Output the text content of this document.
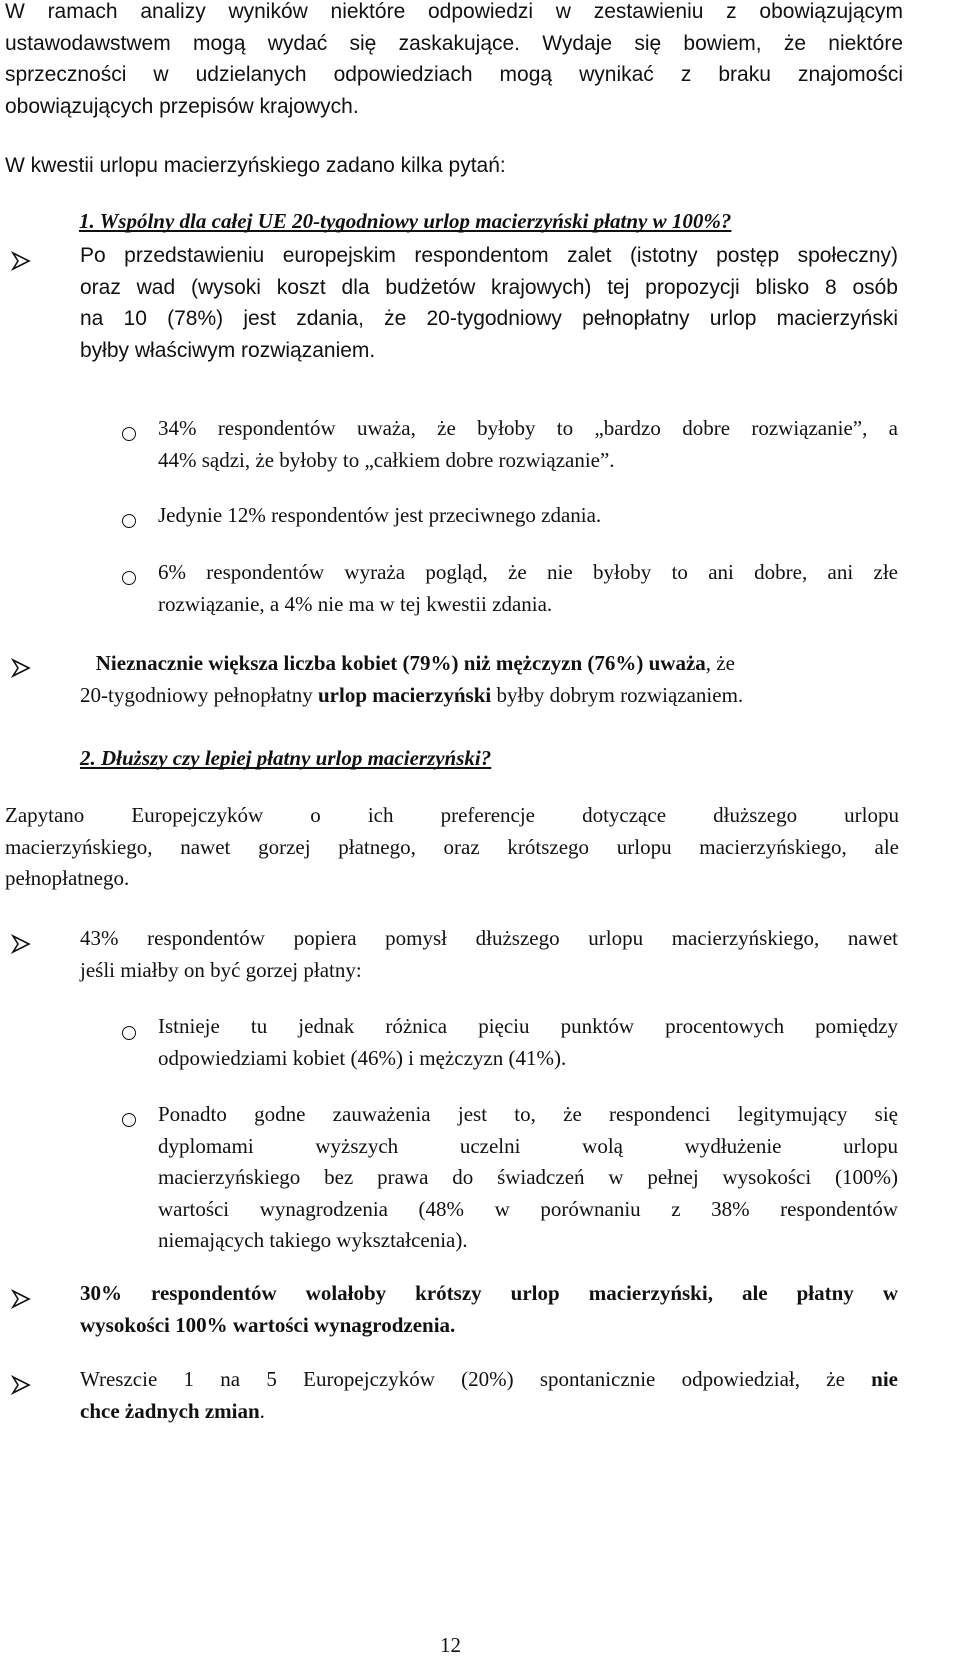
W ramach analizy wyników niektóre odpowiedzi w zestawieniu z obowiązującym
ustawodawstwem mogą wydać się zaskakujące. Wydaje się bowiem, że niektóre
sprzeczności w udzielanych odpowiedziach mogą wynikać z braku znajomości
obowiązujących przepisów krajowych.
W kwestii urlopu macierzyńskiego zadano kilka pytań:
1. Wspólny dla całej UE 20-tygodniowy urlop macierzyński płatny w 100%?
Po przedstawieniu europejskim respondentom zalet (istotny postęp społeczny)
oraz wad (wysoki koszt dla budżetów krajowych) tej propozycji blisko 8 osób
na 10 (78%) jest zdania, że 20-tygodniowy pełnopłatny urlop macierzyński
byłby właściwym rozwiązaniem.
34% respondentów uważa, że byłoby to „bardzo dobre rozwiązanie”, a
44% sądzi, że byłoby to „całkiem dobre rozwiązanie”.
Jedynie 12% respondentów jest przeciwnego zdania.
6% respondentów wyraża pogląd, że nie byłoby to ani dobre, ani złe
rozwiązanie, a 4% nie ma w tej kwestii zdania.
Nieznacznie większa liczba kobiet (79%) niż mężczyzn (76%) uważa, że
20-tygodniowy pełnopłatny urlop macierzyński byłby dobrym rozwiązaniem.
2. Dłuższy czy lepiej płatny urlop macierzyński?
Zapytano Europejczyków o ich preferencje dotyczące dłuższego urlopu
macierzyńskiego, nawet gorzej płatnego, oraz krótszego urlopu macierzyńskiego, ale
pełnopłatnego.
43% respondentów popiera pomysł dłuższego urlopu macierzyńskiego, nawet
jeśli miałby on być gorzej płatny:
Istnieje tu jednak różnica pięciu punktów procentowych pomiędzy
odpowiedziami kobiet (46%) i mężczyzn (41%).
Ponadto godne zauważenia jest to, że respondenci legitymujący się
dyplomami wyższych uczelni wolą wydłużenie urlopu
macierzyńskiego bez prawa do świadczeń w pełnej wysokości (100%)
wartości wynagrodzenia (48% w porównaniu z 38% respondentów
niemających takiego wykształcenia).
30% respondentów wolałoby krótszy urlop macierzyński, ale płatny w
wysokości 100% wartości wynagrodzenia.
Wreszcie 1 na 5 Europejczyków (20%) spontanicznie odpowiedział, że nie
chce żadnych zmian.
12
